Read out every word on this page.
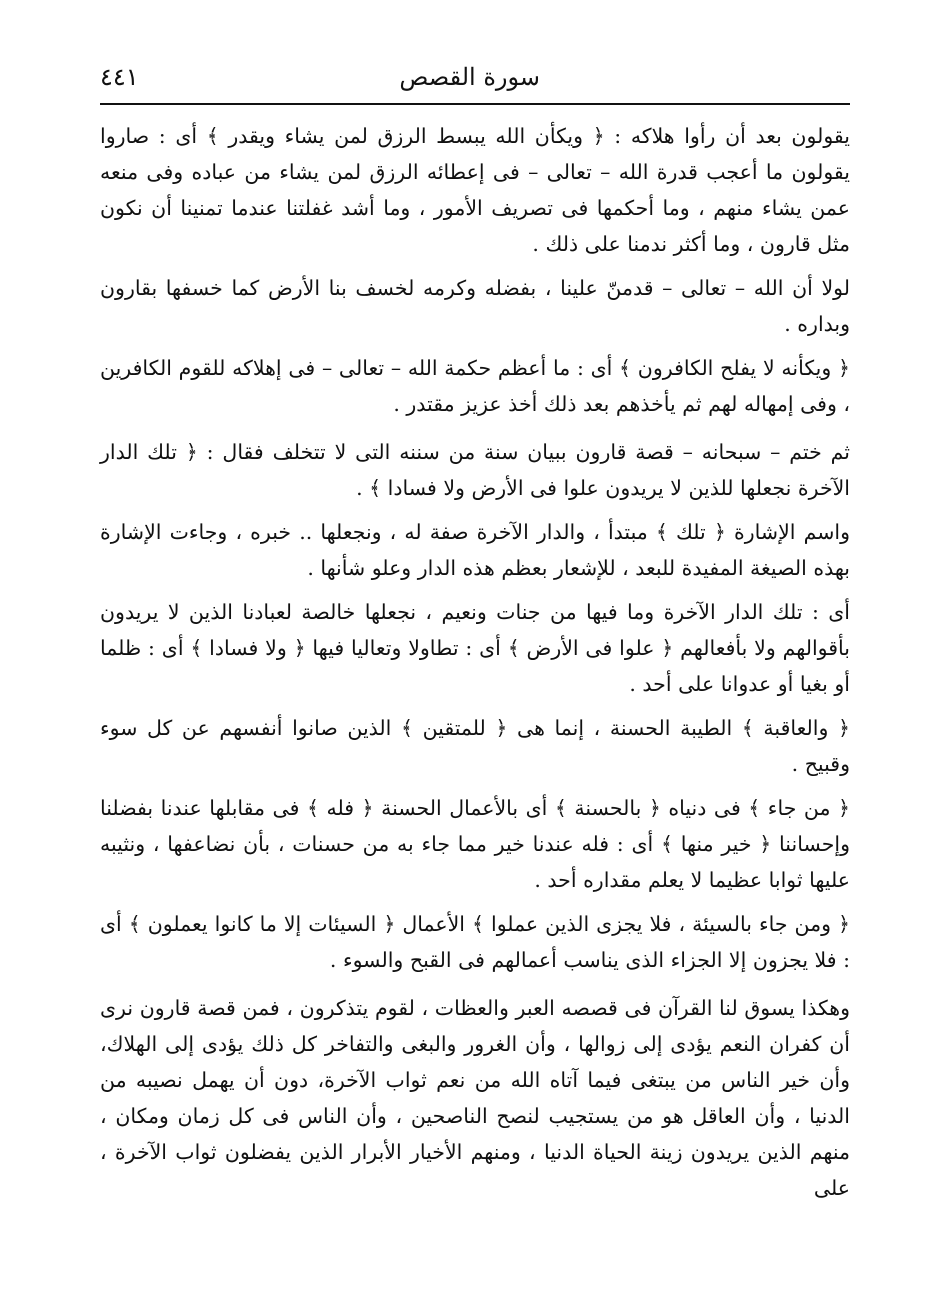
سورة القصص
٤٤١

يقولون بعد أن رأوا هلاكه : ﴿ ويكأن الله يبسط الرزق لمن يشاء ويقدر ﴾ أى : صاروا يقولون ما أعجب قدرة الله – تعالى – فى إعطائه الرزق لمن يشاء من عباده وفى منعه عمن يشاء منهم ، وما أحكمها فى تصريف الأمور ، وما أشد غفلتنا عندما تمنينا أن نكون مثل قارون ، وما أكثر ندمنا على ذلك .

لولا أن الله – تعالى – قدمنّ علينا ، بفضله وكرمه لخسف بنا الأرض كما خسفها بقارون وبداره .

﴿ ويكأنه لا يفلح الكافرون ﴾ أى : ما أعظم حكمة الله – تعالى – فى إهلاكه للقوم الكافرين ، وفى إمهاله لهم ثم يأخذهم بعد ذلك أخذ عزيز مقتدر .

ثم ختم – سبحانه – قصة قارون ببيان سنة من سننه التى لا تتخلف فقال : ﴿ تلك الدار الآخرة نجعلها للذين لا يريدون علوا فى الأرض ولا فسادا ﴾ .

واسم الإشارة ﴿ تلك ﴾ مبتدأ ، والدار الآخرة صفة له ، ونجعلها .. خبره ، وجاءت الإشارة بهذه الصيغة المفيدة للبعد ، للإشعار بعظم هذه الدار وعلو شأنها .

أى : تلك الدار الآخرة وما فيها من جنات ونعيم ، نجعلها خالصة لعبادنا الذين لا يريدون بأقوالهم ولا بأفعالهم ﴿ علوا فى الأرض ﴾ أى : تطاولا وتعاليا فيها ﴿ ولا فسادا ﴾ أى : ظلما أو بغيا أو عدوانا على أحد .

﴿ والعاقبة ﴾ الطيبة الحسنة ، إنما هى ﴿ للمتقين ﴾ الذين صانوا أنفسهم عن كل سوء وقبيح .

﴿ من جاء ﴾ فى دنياه ﴿ بالحسنة ﴾ أى بالأعمال الحسنة ﴿ فله ﴾ فى مقابلها عندنا بفضلنا وإحساننا ﴿ خير منها ﴾ أى : فله عندنا خير مما جاء به من حسنات ، بأن نضاعفها ، ونثيبه عليها ثوابا عظيما لا يعلم مقداره أحد .

﴿ ومن جاء بالسيئة ، فلا يجزى الذين عملوا ﴾ الأعمال ﴿ السيئات إلا ما كانوا يعملون ﴾ أى : فلا يجزون إلا الجزاء الذى يناسب أعمالهم فى القبح والسوء .

وهكذا يسوق لنا القرآن فى قصصه العبر والعظات ، لقوم يتذكرون ، فمن قصة قارون نرى أن كفران النعم يؤدى إلى زوالها ، وأن الغرور والبغى والتفاخر كل ذلك يؤدى إلى الهلاك، وأن خير الناس من يبتغى فيما آتاه الله من نعم ثواب الآخرة، دون أن يهمل نصيبه من الدنيا ، وأن العاقل هو من يستجيب لنصح الناصحين ، وأن الناس فى كل زمان ومكان ، منهم الذين يريدون زينة الحياة الدنيا ، ومنهم الأخيار الأبرار الذين يفضلون ثواب الآخرة ، على
